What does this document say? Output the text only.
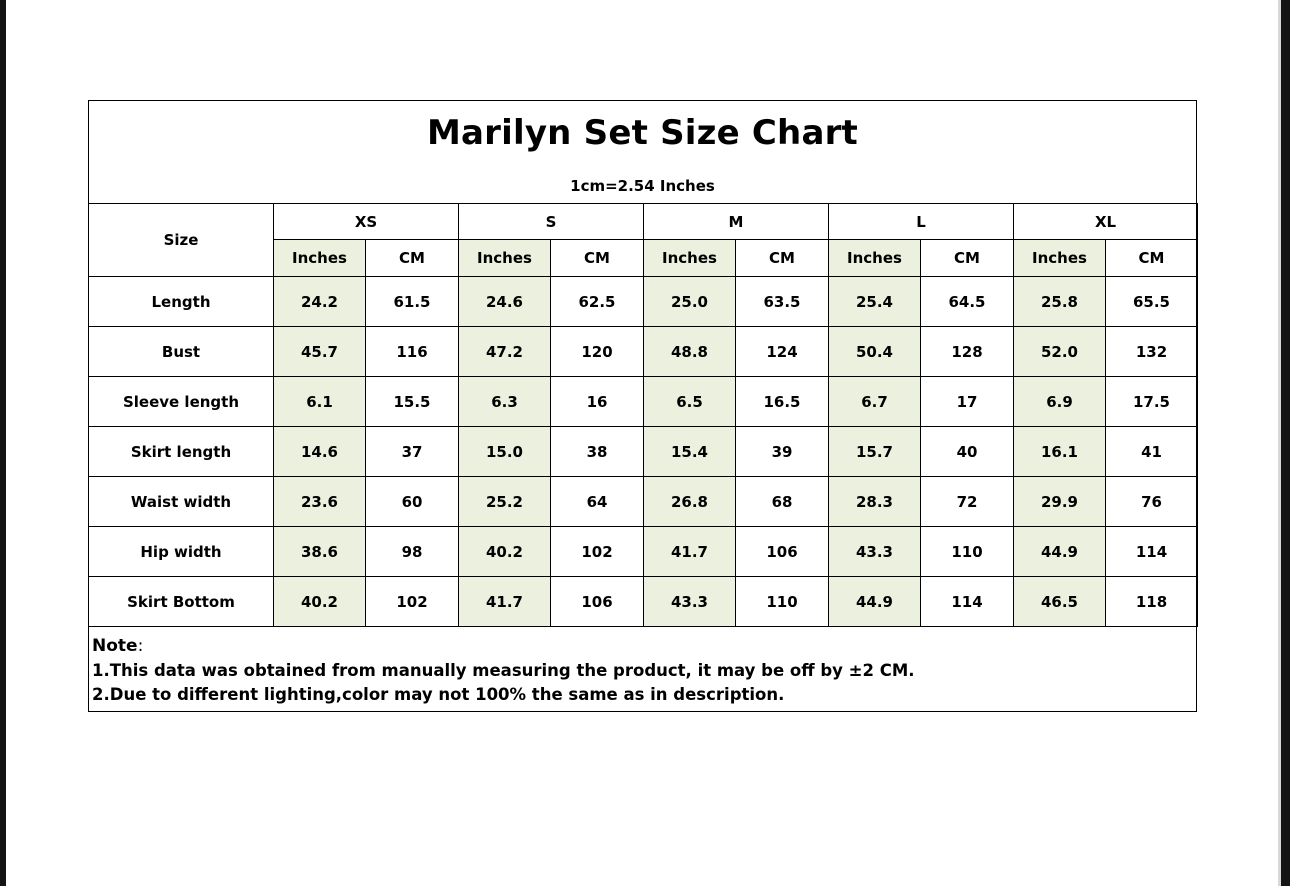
Marilyn Set Size Chart
1cm=2.54 Inches
Size	XS		S		M		L		XL	
	Inches	CM	Inches	CM	Inches	CM	Inches	CM	Inches	CM
Length	24.2	61.5	24.6	62.5	25.0	63.5	25.4	64.5	25.8	65.5
Bust	45.7	116	47.2	120	48.8	124	50.4	128	52.0	132
Sleeve length	6.1	15.5	6.3	16	6.5	16.5	6.7	17	6.9	17.5
Skirt length	14.6	37	15.0	38	15.4	39	15.7	40	16.1	41
Waist width	23.6	60	25.2	64	26.8	68	28.3	72	29.9	76
Hip width	38.6	98	40.2	102	41.7	106	43.3	110	44.9	114
Skirt Bottom	40.2	102	41.7	106	43.3	110	44.9	114	46.5	118
Note:
1.This data was obtained from manually measuring the product, it may be off by ±2 CM.
2.Due to different lighting,color may not 100% the same as in description.
